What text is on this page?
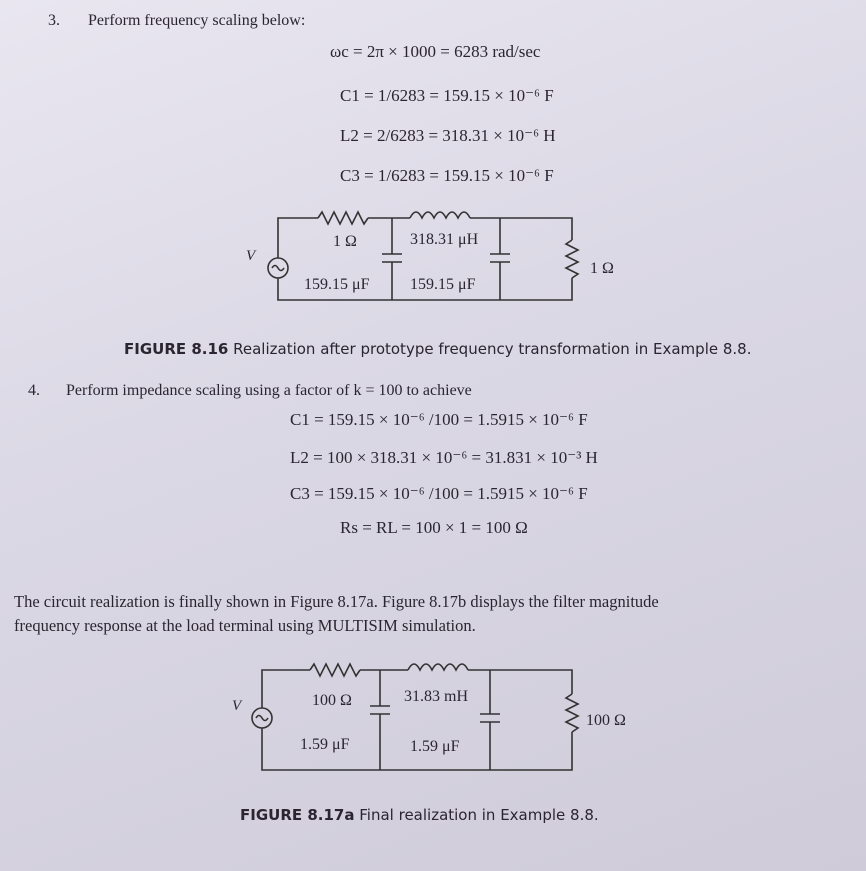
3. Perform frequency scaling below:
ωc = 2π × 1000 = 6283 rad/sec
C1 = 1/6283 = 159.15 × 10⁻⁶ F
L2 = 2/6283 = 318.31 × 10⁻⁶ H
C3 = 1/6283 = 159.15 × 10⁻⁶ F
V
1 Ω	318.31 μH
159.15 μF	159.15 μF
1 Ω
FIGURE 8.16 Realization after prototype frequency transformation in Example 8.8.
4. Perform impedance scaling using a factor of k = 100 to achieve
C1 = 159.15 × 10⁻⁶ /100 = 1.5915 × 10⁻⁶ F
L2 = 100 × 318.31 × 10⁻⁶ = 31.831 × 10⁻³ H
C3 = 159.15 × 10⁻⁶ /100 = 1.5915 × 10⁻⁶ F
Rs = RL = 100 × 1 = 100 Ω
The circuit realization is finally shown in Figure 8.17a. Figure 8.17b displays the filter magnitude
frequency response at the load terminal using MULTISIM simulation.
V	100 Ω	31.83 mH
1.59 μF	1.59 μF
100 Ω
FIGURE 8.17a Final realization in Example 8.8.
